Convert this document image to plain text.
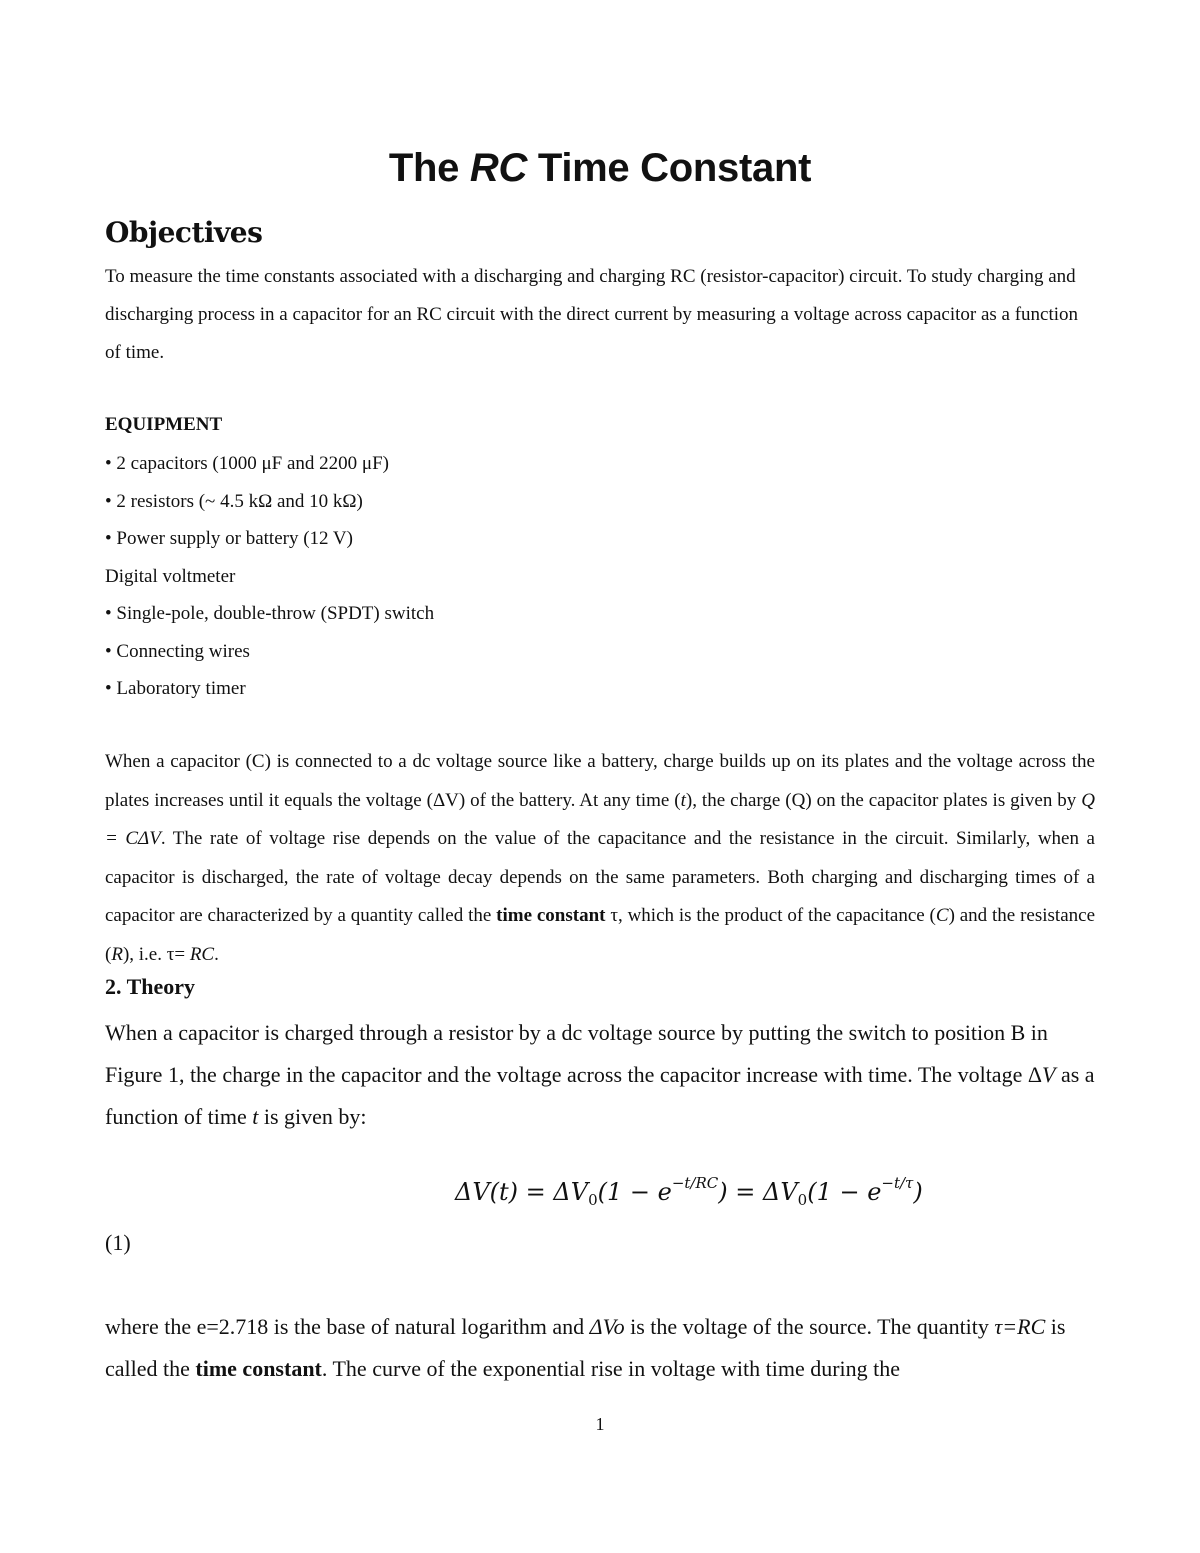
The RC Time Constant
Objectives
To measure the time constants associated with a discharging and charging RC (resistor-capacitor) circuit. To study charging and discharging process in a capacitor for an RC circuit with the direct current by measuring a voltage across capacitor as a function of time.
EQUIPMENT
• 2 capacitors (1000 μF and 2200 μF)
• 2 resistors (~ 4.5 kΩ and 10 kΩ)
• Power supply or battery (12 V)
Digital voltmeter
• Single-pole, double-throw (SPDT) switch
• Connecting wires
• Laboratory timer
When a capacitor (C) is connected to a dc voltage source like a battery, charge builds up on its plates and the voltage across the plates increases until it equals the voltage (ΔV) of the battery. At any time (t), the charge (Q) on the capacitor plates is given by Q = CΔV. The rate of voltage rise depends on the value of the capacitance and the resistance in the circuit. Similarly, when a capacitor is discharged, the rate of voltage decay depends on the same parameters. Both charging and discharging times of a capacitor are characterized by a quantity called the time constant τ, which is the product of the capacitance (C) and the resistance (R), i.e. τ= RC.
2. Theory
When a capacitor is charged through a resistor by a dc voltage source by putting the switch to position B in Figure 1, the charge in the capacitor and the voltage across the capacitor increase with time. The voltage ΔV as a function of time t is given by:
$\Delta V(t) = \Delta V_0(1 - e^{-t/RC}) = \Delta V_0(1 - e^{-t/\tau})$
(1)
where the e=2.718 is the base of natural logarithm and ΔVo is the voltage of the source. The quantity τ=RC is called the time constant. The curve of the exponential rise in voltage with time during the
1
